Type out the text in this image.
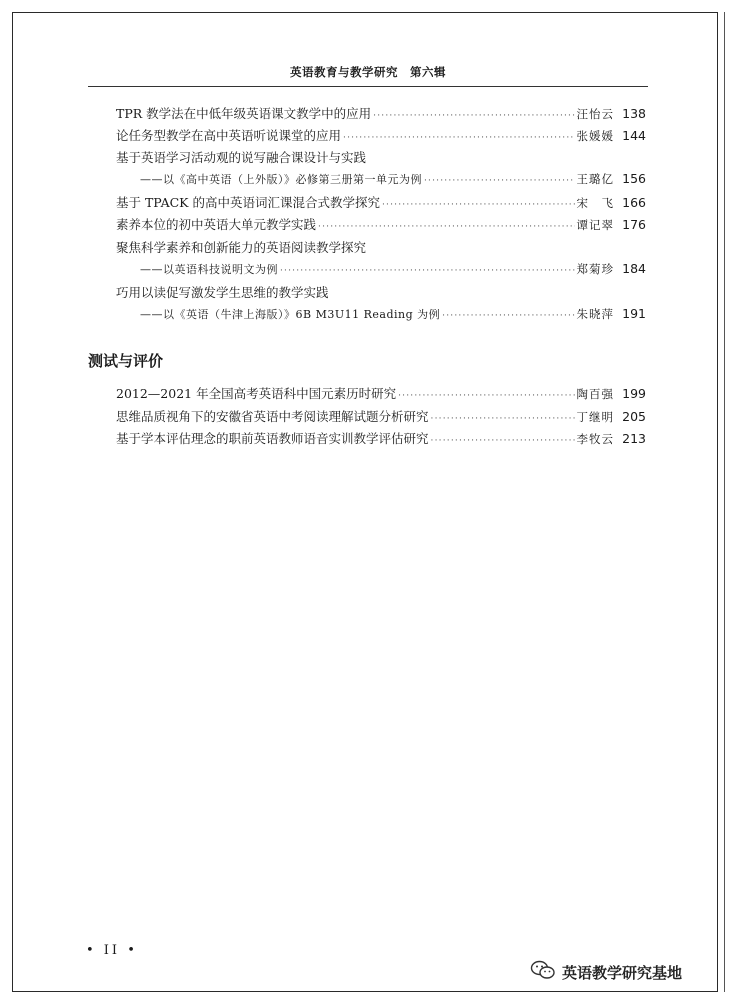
英语教育与教学研究　第六辑
TPR 教学法在中低年级英语课文教学中的应用 ·····	汪怡云 138
论任务型教学在高中英语听说课堂的应用 ·····	张媛媛 144
基于英语学习活动观的说写融合课设计与实践
——以《高中英语（上外版）》必修第三册第一单元为例 ·····	王璐亿 156
基于 TPACK 的高中英语词汇课混合式教学探究 ·····	宋　飞 166
素养本位的初中英语大单元教学实践 ·····	谭记翠 176
聚焦科学素养和创新能力的英语阅读教学探究
——以英语科技说明文为例 ·····	郑菊珍 184
巧用以读促写激发学生思维的教学实践
——以《英语（牛津上海版）》6B M3U11 Reading 为例 ·····	朱晓萍 191
测试与评价
2012—2021 年全国高考英语科中国元素历时研究 ·····	陶百强 199
思维品质视角下的安徽省英语中考阅读理解试题分析研究 ·····	丁继明 205
基于学本评估理念的职前英语教师语音实训教学评估研究 ·····	李牧云 213
• II •
英语教学研究基地
